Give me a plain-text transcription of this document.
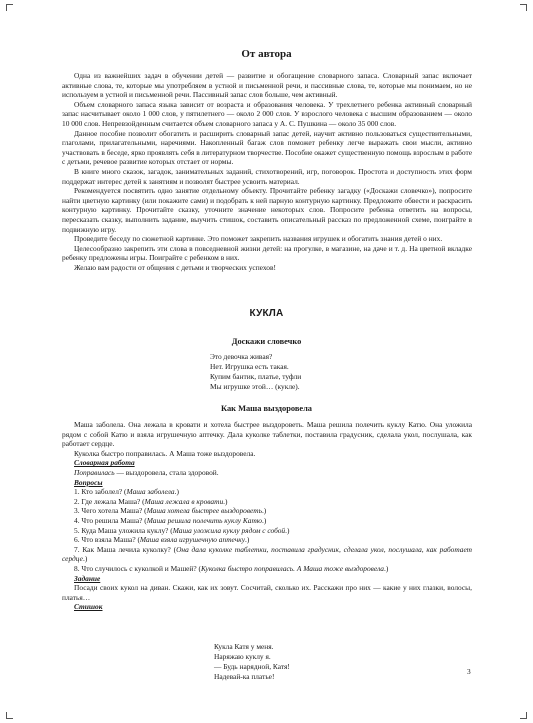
От автора

Одна из важнейших задач в обучении детей — развитие и обогащение словарного запаса. Словарный запас включает активные слова, те, которые мы употребляем в устной и письменной речи, и пассивные слова, те, которые мы понимаем, но не используем в устной и письменной речи. Пассивный запас слов больше, чем активный.

Объем словарного запаса языка зависит от возраста и образования человека. У трехлетнего ребенка активный словарный запас насчитывает около 1 000 слов, у пятилетнего — около 2 000 слов. У взрослого человека с высшим образованием — около 10 000 слов. Непревзойденным считается объем словарного запаса у А. С. Пушкина — около 35 000 слов.

Данное пособие позволит обогатить и расширить словарный запас детей, научит активно пользоваться существительными, глаголами, прилагательными, наречиями. Накопленный багаж слов поможет ребенку легче выражать свои мысли, активно участвовать в беседе, ярко проявлять себя в литературном творчестве. Пособие окажет существенную помощь взрослым в работе с детьми, речевое развитие которых отстает от нормы.

В книге много сказок, загадок, занимательных заданий, стихотворений, игр, поговорок. Простота и доступность этих форм поддержат интерес детей к занятиям и позволят быстрее усвоить материал.

Рекомендуется посвятить одно занятие отдельному объекту. Прочитайте ребенку загадку («Доскажи словечко»), попросите найти цветную картинку (или покажите сами) и подобрать к ней парную контурную картинку. Предложите обвести и раскрасить контурную картинку. Прочитайте сказку, уточните значение некоторых слов. Попросите ребенка ответить на вопросы, пересказать сказку, выполнить задание, выучить стишок, составить описательный рассказ по предложенной схеме, поиграйте в подвижную игру.

Проведите беседу по сюжетной картинке. Это поможет закрепить названия игрушек и обогатить знания детей о них.

Целесообразно закрепить эти слова в повседневной жизни детей: на прогулке, в магазине, на даче и т. д. На цветной вкладке ребенку предложены игры. Поиграйте с ребенком в них.

Желаю вам радости от общения с детьми и творческих успехов!

КУКЛА
Доскажи словечко
Это девочка живая?
Нет. Игрушка есть такая.
Купим бантик, платье, туфли
Мы игрушке этой… (кукле).
Как Маша выздоровела

Маша заболела. Она лежала в кровати и хотела быстрее выздороветь. Маша решила полечить куклу Катю. Она уложила рядом с собой Катю и взяла игрушечную аптечку. Дала куколке таблетки, поставила градусник, сделала укол, послушала, как работает сердце.

Куколка быстро поправилась. А Маша тоже выздоровела.

Словарная работа

Поправилась — выздоровела, стала здоровой.

Вопросы

1. Кто заболел? (Маша заболела.)

2. Где лежала Маша? (Маша лежала в кровати.)

3. Чего хотела Маша? (Маша хотела быстрее выздороветь.)

4. Что решила Маша? (Маша решила полечить куклу Катю.)

5. Куда Маша уложила куклу? (Маша уложила куклу рядом с собой.)

6. Что взяла Маша? (Маша взяла игрушечную аптечку.)

7. Как Маша лечила куколку? (Она дала куколке таблетки, поставила градусник, сделала укол, послушала, как работает сердце.)

8. Что случилось с куколкой и Машей? (Куколка быстро поправилась. А Маша тоже выздоровела.)

Задание

Посади своих кукол на диван. Скажи, как их зовут. Сосчитай, сколько их. Расскажи про них — какие у них глазки, волосы, платья…

Стишок
Кукла Катя у меня.
Наряжаю куклу я.
— Будь нарядной, Катя!
Надевай-ка платье!
3
